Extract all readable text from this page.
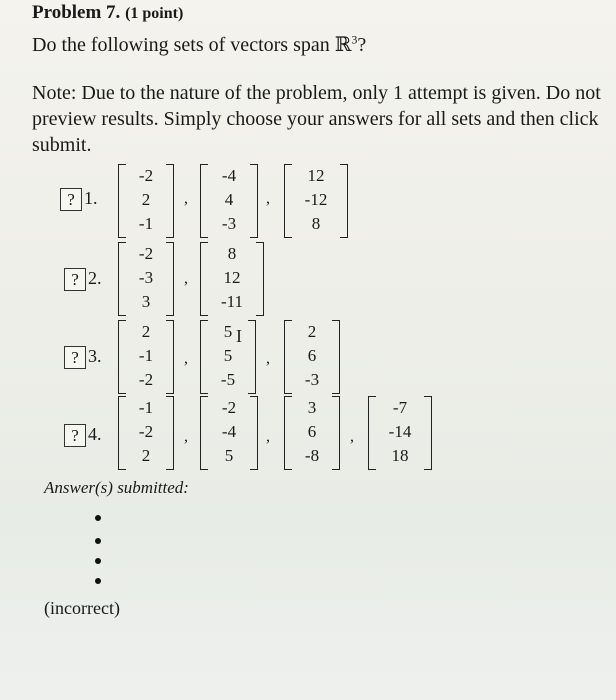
Problem 7. (1 point)
Do the following sets of vectors span ℝ$^3$?
Note: Due to the nature of the problem, only 1 attempt is given. Do not preview results. Simply choose your answers for all sets and then click submit.
? 1.
-2
2
-1
,
-4
4
-3
,
12
-12
8
? 2.
-2
-3
3
,
8
12
-11
? 3.
2
-1
-2
,
5
5
-5
,
2
6
-3
I
? 4.
-1
-2
2
,
-2
-4
5
,
3
6
-8
,
-7
-14
18
Answer(s) submitted:
(incorrect)
